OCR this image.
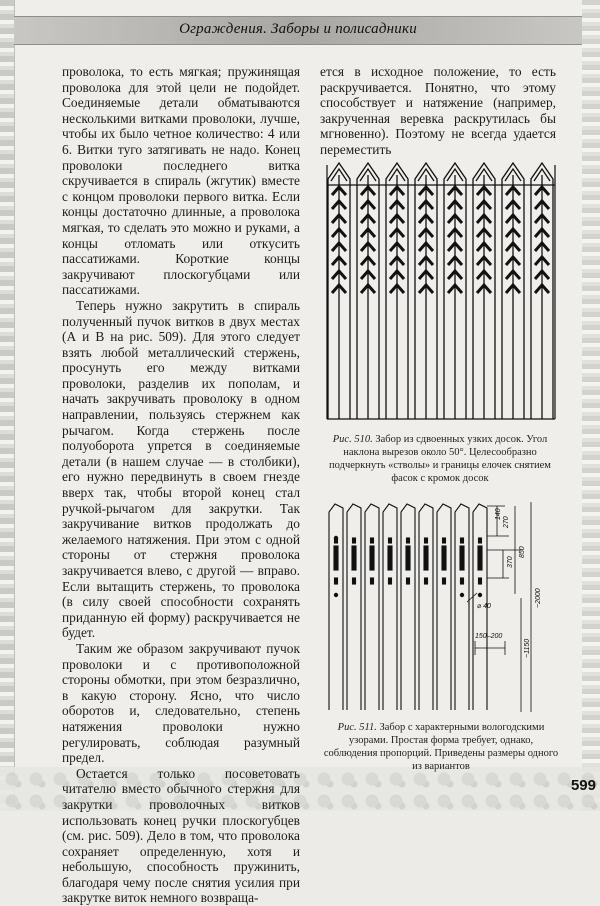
Ограждения. Заборы и полисадники

проволока, то есть мягкая; пружинящая проволока для этой цели не подойдет. Соединяемые детали обматываются несколькими витками проволоки, лучше, чтобы их было четное количество: 4 или 6. Витки туго затягивать не надо. Конец проволоки последнего витка скручивается в спираль (жгутик) вместе с концом проволоки первого витка. Если концы достаточно длинные, а проволока мягкая, то сделать это можно и руками, а концы отломать или откусить пассатижами. Короткие концы закручивают плоскогубцами или пассатижами.

Теперь нужно закрутить в спираль полученный пучок витков в двух местах (А и В на рис. 509). Для этого следует взять любой металлический стержень, просунуть его между витками проволоки, разделив их пополам, и начать закручивать проволоку в одном направлении, пользуясь стержнем как рычагом. Когда стержень после полуоборота упрется в соединяемые детали (в нашем случае — в столбики), его нужно передвинуть в своем гнезде вверх так, чтобы второй конец стал ручкой-рычагом для закрутки. Так закручивание витков продолжать до желаемого натяжения. При этом с одной стороны от стержня проволока закручивается влево, с другой — вправо. Если вытащить стержень, то проволока (в силу своей способности сохранять приданную ей форму) раскручивается не будет.

Таким же образом закручивают пучок проволоки и с противоположной стороны обмотки, при этом безразлично, в какую сторону. Ясно, что число оборотов и, следовательно, степень натяжения проволоки нужно регулировать, соблюдая разумный предел.

Остается только посоветовать читателю вместо обычного стержня для закрутки проволочных витков использовать конец ручки плоскогубцев (см. рис. 509). Дело в том, что проволока сохраняет определенную, хотя и небольшую, способность пружинить, благодаря чему после снятия усилия при закрутке виток немного возвраща-

ется в исходное положение, то есть раскручивается. Понятно, что этому способствует и натяжение (например, закрученная веревка раскрутилась бы мгновенно). Поэтому не всегда удается переместить

Рис. 510. Забор из сдвоенных узких досок. Угол наклона вырезов около 50°. Целесообразно подчеркнуть «стволы» и границы елочек снятием фасок с кромок досок
140
270
370
850
~2000
~1150
150–200
⌀ 40
Рис. 511. Забор с характерными вологодскими узорами. Простая форма требует, однако, соблюдения пропорций. Приведены размеры одного из вариантов
599
